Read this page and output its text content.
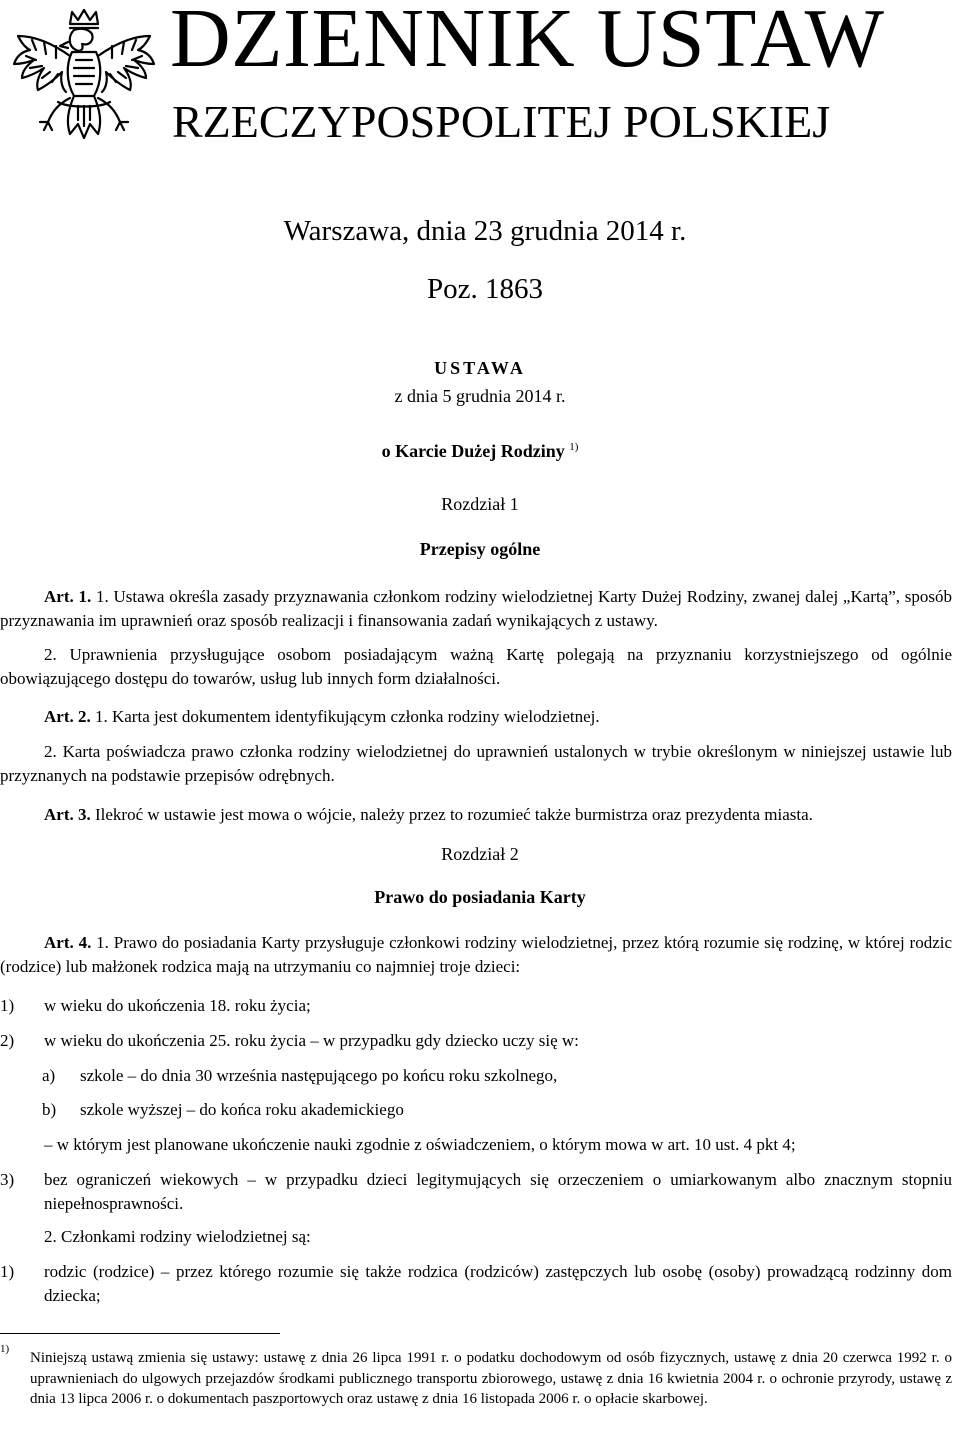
DZIENNIK USTAW
RZECZYPOSPOLITEJ POLSKIEJ
Warszawa, dnia 23 grudnia 2014 r.
Poz. 1863
USTAWA
z dnia 5 grudnia 2014 r.
o Karcie Dużej Rodziny $^{1)}$
Rozdział 1
Przepisy ogólne
Art. 1. 1. Ustawa określa zasady przyznawania członkom rodziny wielodzietnej Karty Dużej Rodziny, zwanej dalej „Kartą”, sposób przyznawania im uprawnień oraz sposób realizacji i finansowania zadań wynikających z ustawy.
2. Uprawnienia przysługujące osobom posiadającym ważną Kartę polegają na przyznaniu korzystniejszego od ogólnie obowiązującego dostępu do towarów, usług lub innych form działalności.
Art. 2. 1. Karta jest dokumentem identyfikującym członka rodziny wielodzietnej.
2. Karta poświadcza prawo członka rodziny wielodzietnej do uprawnień ustalonych w trybie określonym w niniejszej ustawie lub przyznanych na podstawie przepisów odrębnych.
Art. 3. Ilekroć w ustawie jest mowa o wójcie, należy przez to rozumieć także burmistrza oraz prezydenta miasta.
Rozdział 2
Prawo do posiadania Karty
Art. 4. 1. Prawo do posiadania Karty przysługuje członkowi rodziny wielodzietnej, przez którą rozumie się rodzinę, w której rodzic (rodzice) lub małżonek rodzica mają na utrzymaniu co najmniej troje dzieci:
1) w wieku do ukończenia 18. roku życia;
2) w wieku do ukończenia 25. roku życia – w przypadku gdy dziecko uczy się w:
a) szkole – do dnia 30 września następującego po końcu roku szkolnego,
b) szkole wyższej – do końca roku akademickiego
– w którym jest planowane ukończenie nauki zgodnie z oświadczeniem, o którym mowa w art. 10 ust. 4 pkt 4;
3) bez ograniczeń wiekowych – w przypadku dzieci legitymujących się orzeczeniem o umiarkowanym albo znacznym stopniu niepełnosprawności.
2. Członkami rodziny wielodzietnej są:
1) rodzic (rodzice) – przez którego rozumie się także rodzica (rodziców) zastępczych lub osobę (osoby) prowadzącą rodzinny dom dziecka;
1)
Niniejszą ustawą zmienia się ustawy: ustawę z dnia 26 lipca 1991 r. o podatku dochodowym od osób fizycznych, ustawę z dnia 20 czerwca 1992 r. o uprawnieniach do ulgowych przejazdów środkami publicznego transportu zbiorowego, ustawę z dnia 16 kwietnia 2004 r. o ochronie przyrody, ustawę z dnia 13 lipca 2006 r. o dokumentach paszportowych oraz ustawę z dnia 16 listopada 2006 r. o opłacie skarbowej.
